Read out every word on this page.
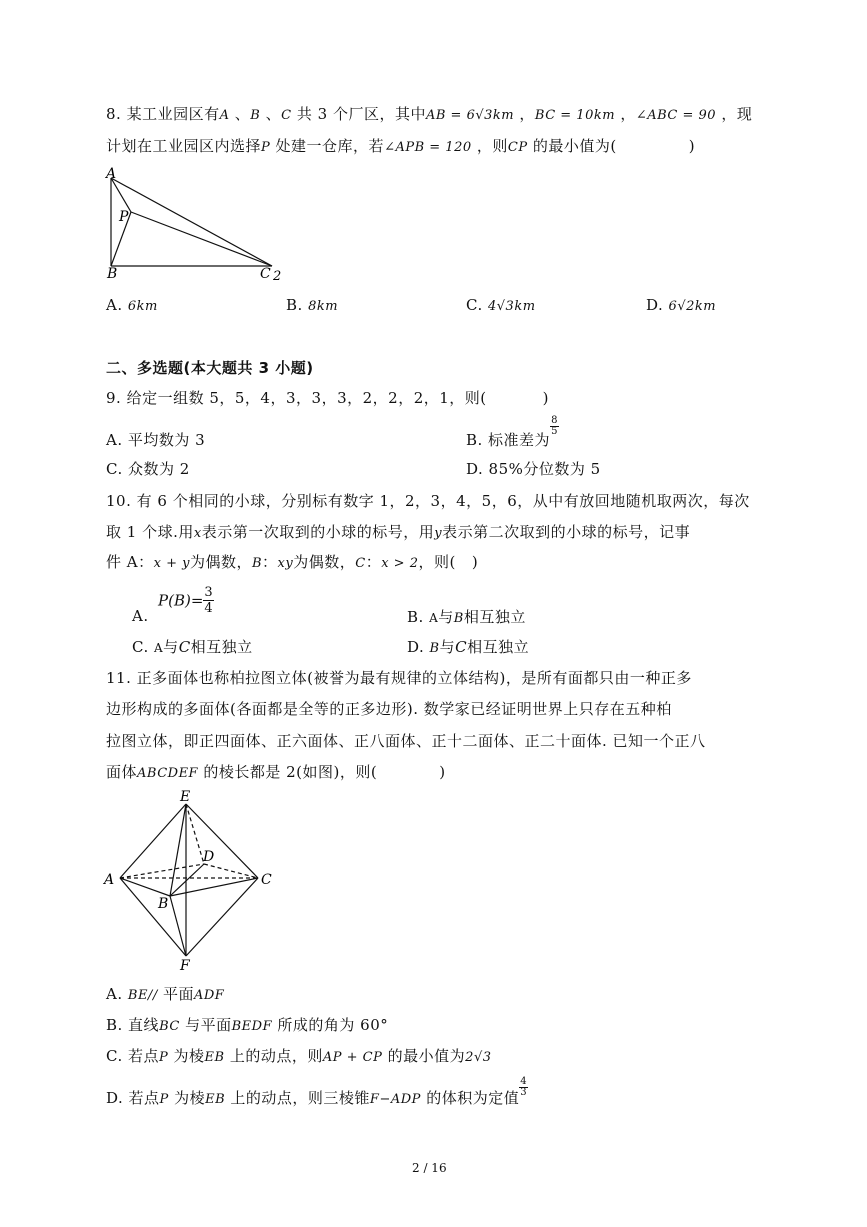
8. 某工业园区有A 、B 、C 共 3 个厂区，其中AB = 6√3km ，BC = 10km ，∠ABC = 90 ，现
计划在工业园区内选择P 处建一仓库，若∠APB = 120 ，则CP 的最小值为(	)
A
P
B	C 2
A. 6km	B. 8km	C. 4√3km	D. 6√2km
二、多选题(本大题共 3 小题)
9. 给定一组数 5，5，4，3，3，3，2，2，2，1，则(	)
A. 平均数为 3	B. 标准差为
$\frac{8}{5}$
C. 众数为 2	D. 85%分位数为 5
10. 有 6 个相同的小球，分别标有数字 1，2，3，4，5，6，从中有放回地随机取两次，每次
取 1 个球.用x表示第一次取到的小球的标号，用y表示第二次取到的小球的标号，记事
件 A：x + y为偶数，B：xy为偶数，C：x > 2，则( )
A.
$P(B)= \frac{3}{4}$
B. A与B相互独立
C. A与C相互独立	D. B与C相互独立
11. 正多面体也称柏拉图立体(被誉为最有规律的立体结构)，是所有面都只由一种正多
边形构成的多面体(各面都是全等的正多边形). 数学家已经证明世界上只存在五种柏
拉图立体，即正四面体、正六面体、正八面体、正十二面体、正二十面体. 已知一个正八
面体ABCDEF 的棱长都是 2(如图)，则(	)
E
D
A	C
B
F
A. BE// 平面ADF
B. 直线BC 与平面BEDF 所成的角为 60°
C. 若点P 为棱EB 上的动点，则AP + CP 的最小值为2√3
D. 若点P 为棱EB 上的动点，则三棱锥F−ADP 的体积为定值
$\frac{4}{3}$
2 / 16
